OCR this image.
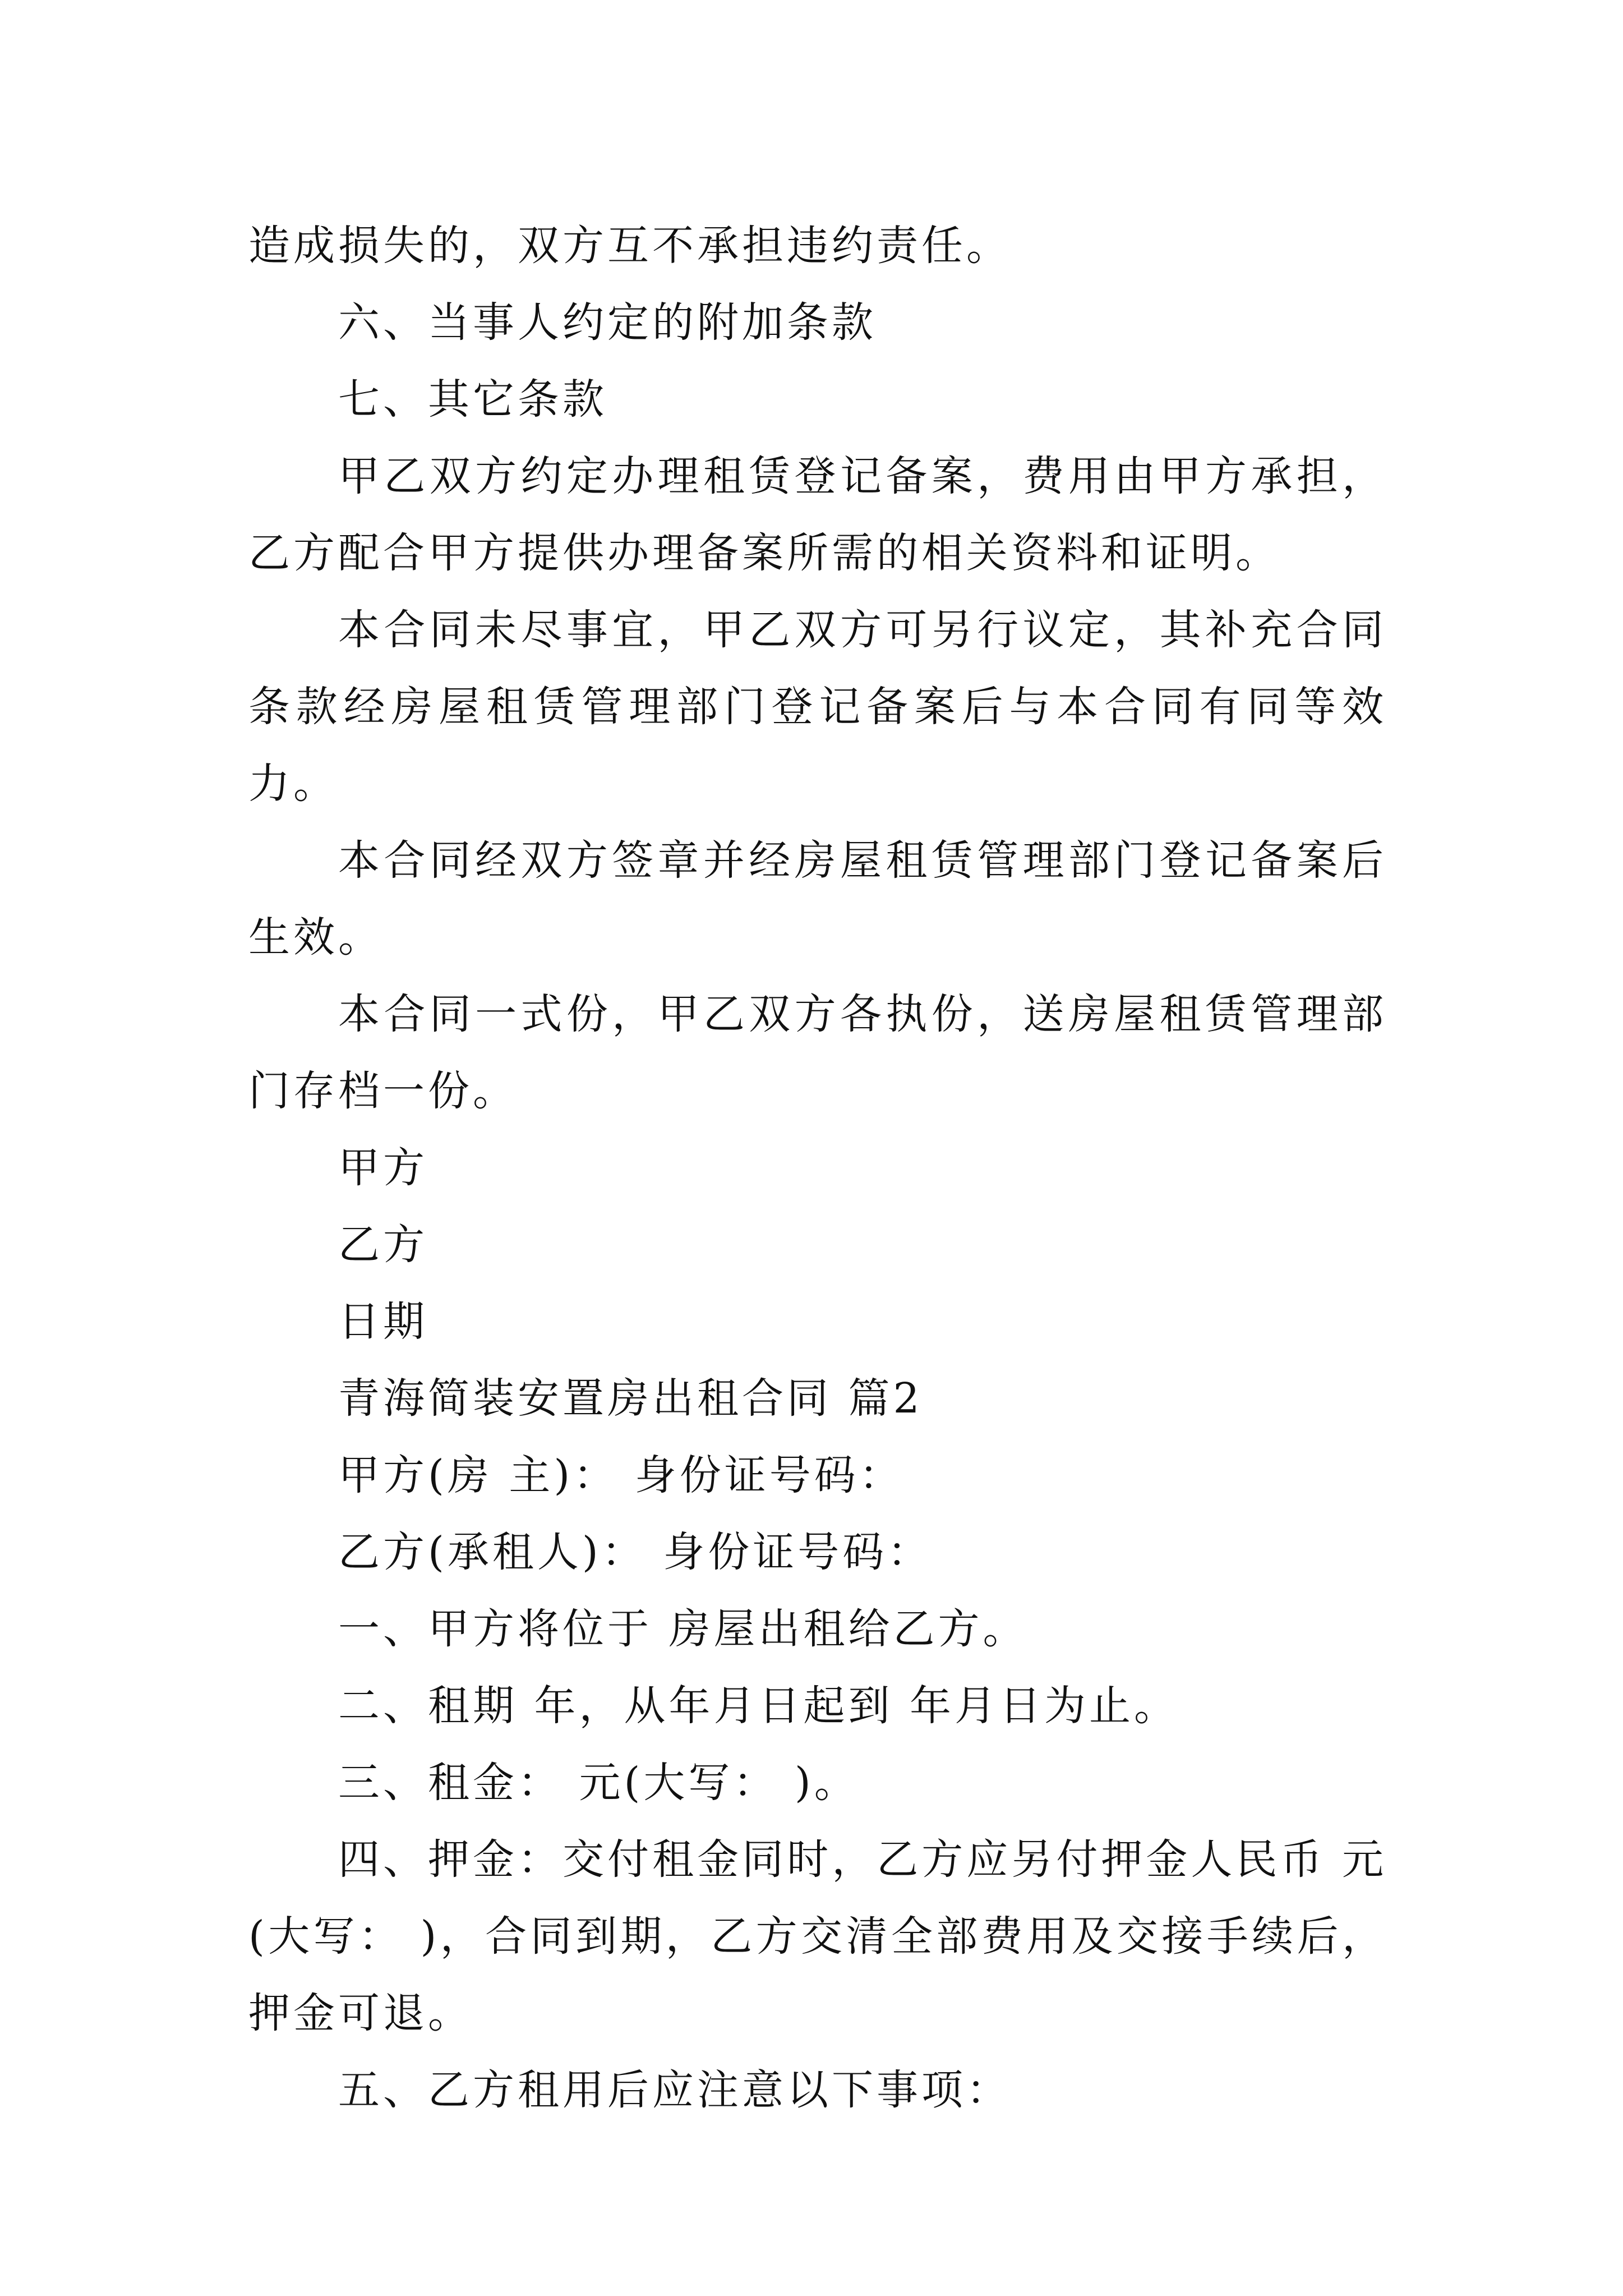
造成损失的，双方互不承担违约责任。

六、当事人约定的附加条款

七、其它条款

甲乙双方约定办理租赁登记备案，费用由甲方承担，乙方配合甲方提供办理备案所需的相关资料和证明。

本合同未尽事宜，甲乙双方可另行议定，其补充合同条款经房屋租赁管理部门登记备案后与本合同有同等效力。

本合同经双方签章并经房屋租赁管理部门登记备案后生效。

本合同一式份，甲乙双方各执份，送房屋租赁管理部门存档一份。

甲方

乙方

日期

青海简装安置房出租合同 篇2

甲方(房 主)： 身份证号码：

乙方(承租人)： 身份证号码：

一、甲方将位于 房屋出租给乙方。

二、租期 年，从年月日起到 年月日为止。

三、租金： 元(大写： )。

四、押金：交付租金同时，乙方应另付押金人民币 元(大写： )，合同到期，乙方交清全部费用及交接手续后，押金可退。

五、乙方租用后应注意以下事项：
